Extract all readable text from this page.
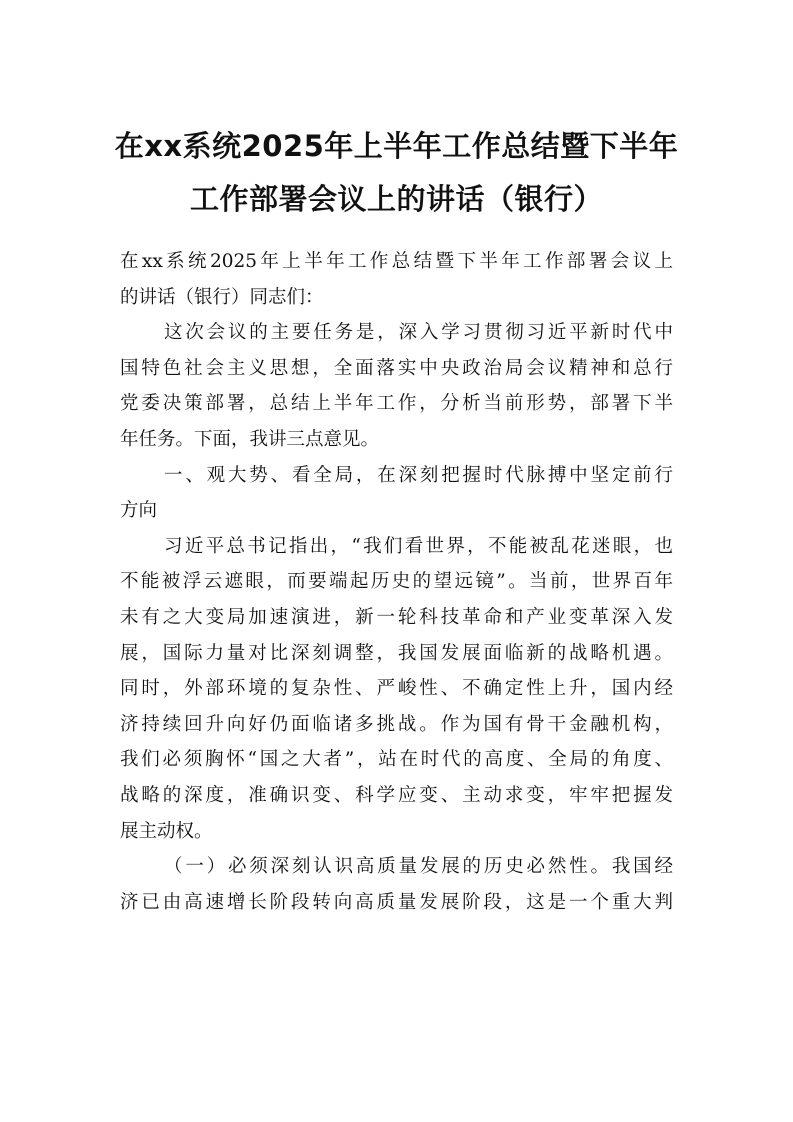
在xx系统2025年上半年工作总结暨下半年
工作部署会议上的讲话（银行）
在xx系统2025年上半年工作总结暨下半年工作部署会议上
的讲话（银行）同志们：
这次会议的主要任务是，深入学习贯彻习近平新时代中
国特色社会主义思想，全面落实中央政治局会议精神和总行
党委决策部署，总结上半年工作，分析当前形势，部署下半
年任务。下面，我讲三点意见。
一、观大势、看全局，在深刻把握时代脉搏中坚定前行
方向
习近平总书记指出，“我们看世界，不能被乱花迷眼，也
不能被浮云遮眼，而要端起历史的望远镜”。当前，世界百年
未有之大变局加速演进，新一轮科技革命和产业变革深入发
展，国际力量对比深刻调整，我国发展面临新的战略机遇。
同时，外部环境的复杂性、严峻性、不确定性上升，国内经
济持续回升向好仍面临诸多挑战。作为国有骨干金融机构，
我们必须胸怀“国之大者”，站在时代的高度、全局的角度、
战略的深度，准确识变、科学应变、主动求变，牢牢把握发
展主动权。
（一）必须深刻认识高质量发展的历史必然性。我国经
济已由高速增长阶段转向高质量发展阶段，这是一个重大判
